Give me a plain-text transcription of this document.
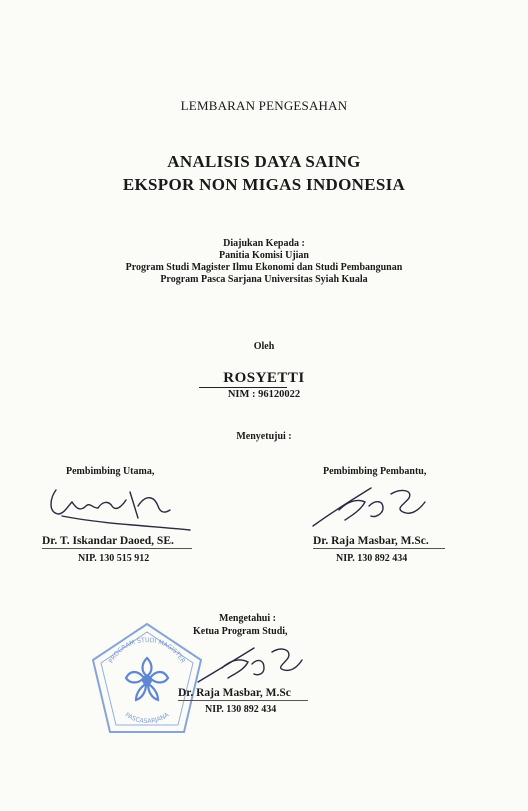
LEMBARAN PENGESAHAN
ANALISIS DAYA SAING
EKSPOR NON MIGAS INDONESIA
Diajukan Kepada :
Panitia Komisi Ujian
Program Studi Magister Ilmu Ekonomi dan Studi Pembangunan
Program Pasca Sarjana Universitas Syiah Kuala
Oleh
ROSYETTI
NIM : 96120022
Menyetujui :
Pembimbing Utama,
Dr. T. Iskandar Daoed, SE.
NIP. 130 515 912
Pembimbing Pembantu,
Dr. Raja Masbar, M.Sc.
NIP. 130 892 434
PROGRAM STUDI MAGISTER
PASCASARJANA
Mengetahui :
Ketua Program Studi,
Dr. Raja Masbar, M.Sc
NIP. 130 892 434
